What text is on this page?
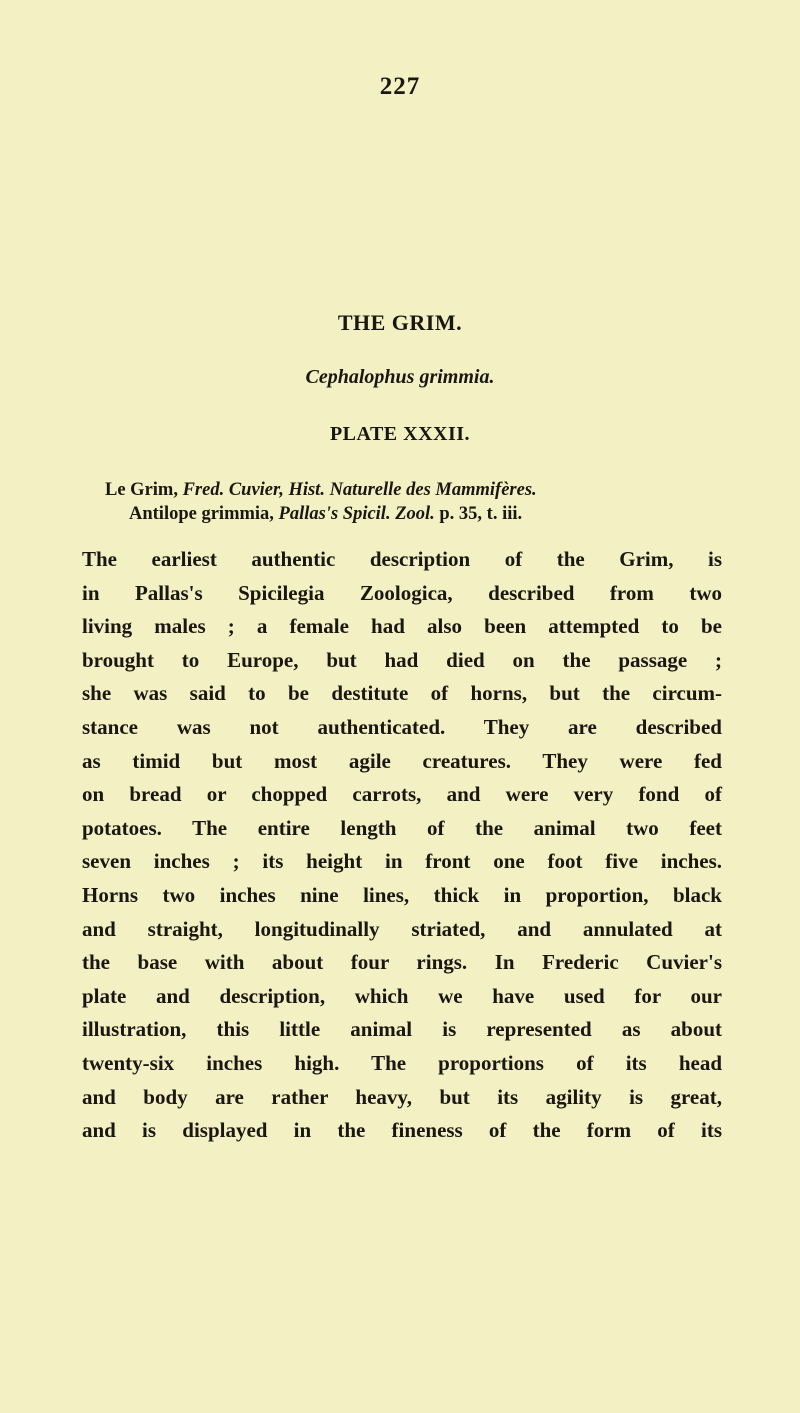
227
THE GRIM.
Cephalophus grimmia.
PLATE XXXII.
Le Grim, Fred. Cuvier, Hist. Naturelle des Mammifères.
Antilope grimmia, Pallas's Spicil. Zool. p. 35, t. iii.
The earliest authentic description of the Grim, is
in Pallas's Spicilegia Zoologica, described from two
living males ; a female had also been attempted to be
brought to Europe, but had died on the passage ;
she was said to be destitute of horns, but the circum-
stance was not authenticated. They are described
as timid but most agile creatures. They were fed
on bread or chopped carrots, and were very fond of
potatoes. The entire length of the animal two feet
seven inches ; its height in front one foot five inches.
Horns two inches nine lines, thick in proportion, black
and straight, longitudinally striated, and annulated at
the base with about four rings. In Frederic Cuvier's
plate and description, which we have used for our
illustration, this little animal is represented as about
twenty-six inches high. The proportions of its head
and body are rather heavy, but its agility is great,
and is displayed in the fineness of the form of its
